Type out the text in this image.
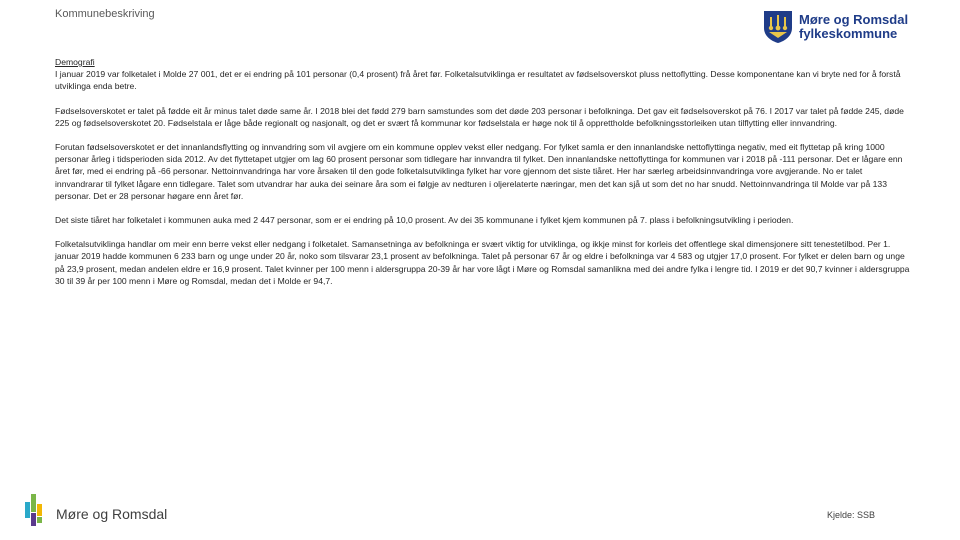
Kommunebeskriving	Møre og Romsdal
fylkeskommune
Demografi

I januar 2019 var folketalet i Molde 27 001, det er ei endring på 101 personar (0,4 prosent) frå året før. Folketalsutviklinga er resultatet av fødselsoverskot pluss nettoflytting. Desse komponentane kan vi bryte ned for å forstå utviklinga enda betre.

Fødselsoverskotet er talet på fødde eit år minus talet døde same år. I 2018 blei det fødd 279 barn samstundes som det døde 203 personar i befolkninga. Det gav eit fødselsoverskot på 76. I 2017 var talet på fødde 245, døde 225 og fødselsoverskotet 20. Fødselstala er låge både regionalt og nasjonalt, og det er svært få kommunar kor fødselstala er høge nok til å opprettholde befolkningsstorleiken utan tilflytting eller innvandring.

Forutan fødselsoverskotet er det innanlandsflytting og innvandring som vil avgjere om ein kommune opplev vekst eller nedgang. For fylket samla er den innanlandske nettoflyttinga negativ, med eit flyttetap på kring 1000 personar årleg i tidsperioden sida 2012. Av det flyttetapet utgjer om lag 60 prosent personar som tidlegare har innvandra til fylket. Den innanlandske nettoflyttinga for kommunen var i 2018 på -111 personar. Det er lågare enn året før, med ei endring på -66 personar. Nettoinnvandringa har vore årsaken til den gode folketalsutviklinga fylket har vore gjennom det siste tiåret. Her har særleg arbeidsinnvandringa vore avgjerande. No er talet innvandrarar til fylket lågare enn tidlegare. Talet som utvandrar har auka dei seinare åra som ei følgje av nedturen i oljerelaterte næringar, men det kan sjå ut som det no har snudd. Nettoinnvandringa til Molde var på 133 personar. Det er 28 personar høgare enn året før.

Det siste tiåret har folketalet i kommunen auka med 2 447 personar, som er ei endring på 10,0 prosent. Av dei 35 kommunane i fylket kjem kommunen på 7. plass i befolkningsutvikling i perioden.

Folketalsutviklinga handlar om meir enn berre vekst eller nedgang i folketalet. Samansetninga av befolkninga er svært viktig for utviklinga, og ikkje minst for korleis det offentlege skal dimensjonere sitt tenestetilbod. Per 1. januar 2019 hadde kommunen 6 233 barn og unge under 20 år, noko som tilsvarar 23,1 prosent av befolkninga. Talet på personar 67 år og eldre i befolkninga var 4 583 og utgjer 17,0 prosent. For fylket er delen barn og unge på 23,9 prosent, medan andelen eldre er 16,9 prosent. Talet kvinner per 100 menn i aldersgruppa 20-39 år har vore lågt i Møre og Romsdal samanlikna med dei andre fylka i lengre tid. I 2019 er det 90,7 kvinner i aldersgruppa 30 til 39 år per 100 menn i Møre og Romsdal, medan det i Molde er 94,7.

Møre og Romsdal	Kjelde: SSB
